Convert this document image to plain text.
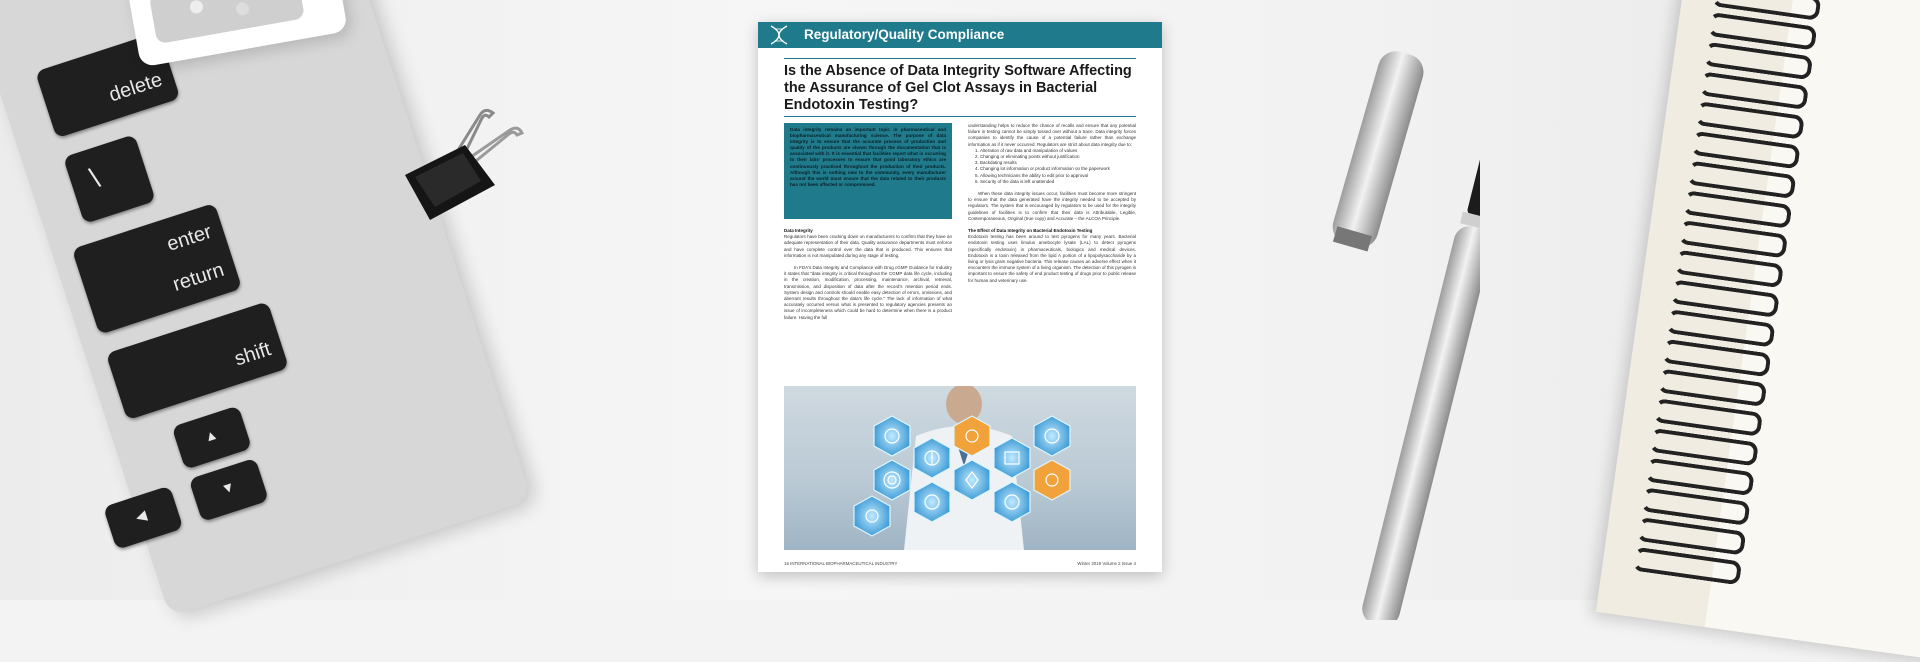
delete
\
enter
return
shift
▲
▼
◀
Regulatory/Quality Compliance
Is the Absence of Data Integrity Software Affecting the Assurance of Gel Clot Assays in Bacterial Endotoxin Testing?
Data integrity remains an important topic in pharmaceutical and biopharmaceutical manufacturing science. The purpose of data integrity is to ensure that the accurate process of production and quality of the products are shown through the documentation that is associated with it. It is essential that facilities report what is occurring to their labs' processes to ensure that good laboratory ethics are continuously practiced throughout the production of their products. Although this is nothing new to the community, every manufacturer around the world must ensure that the data related to their products has not been affected or compromised.
Data Integrity
Regulators have been cracking down on manufacturers to confirm that they have an adequate representation of their data. Quality assurance departments must enforce and have complete control over the data that is produced. This ensures that information is not manipulated during any stage of testing.
In FDA's Data Integrity and Compliance with Drug cGMP Guidance for Industry it states that "data integrity is critical throughout the CGMP data life cycle, including in the creation, modification, processing, maintenance, archival, retrieval, transmission, and disposition of data after the record's retention period ends. System design and controls should enable easy detection of errors, omissions, and aberrant results throughout the data's life cycle." The lack of information of what accurately occurred versus what is presented to regulatory agencies presents an issue of incompleteness which could be hard to determine when there is a product failure. Having the full
understanding helps to reduce the chance of recalls and ensure that any potential failure in testing cannot be simply tossed over without a trace. Data integrity forces companies to identify the cause of a potential failure rather than exchange information as if it never occurred. Regulators are strict about data integrity due to:
1. Alteration of raw data and manipulation of values
2. Changing or eliminating points without justification
3. Backdating results
4. Changing lot information or product information on the paperwork
5. Allowing technicians the ability to edit prior to approval
6. Security of the data is left unattended
When these data integrity issues occur, facilities must become more stringent to ensure that the data generated have the integrity needed to be accepted by regulators. The system that is encouraged by regulators to be used for the integrity guidelines of facilities is to confirm that their data is Attributable, Legible, Contemporaneous, Original (true copy) and Accurate – the ALCOA Principle.
The Effect of Data Integrity on Bacterial Endotoxin Testing
Endotoxin testing has been around to test pyrogens for many years. Bacterial endotoxin testing uses limulus amebocyte lysate (LAL) to detect pyrogens (specifically endotoxin) in pharmaceuticals, biologics and medical devices. Endotoxin is a toxin released from the lipid A portion of a lipopolysaccharide by a living or lysis gram negative bacteria. This release causes an adverse effect when it encounters the immune system of a living organism. The detection of this pyrogen is important to ensure the safety of end product testing of drugs prior to public release for human and veterinary use.
16 INTERNATIONAL BIOPHARMACEUTICAL INDUSTRY	Winter 2019 Volume 2 Issue 4
